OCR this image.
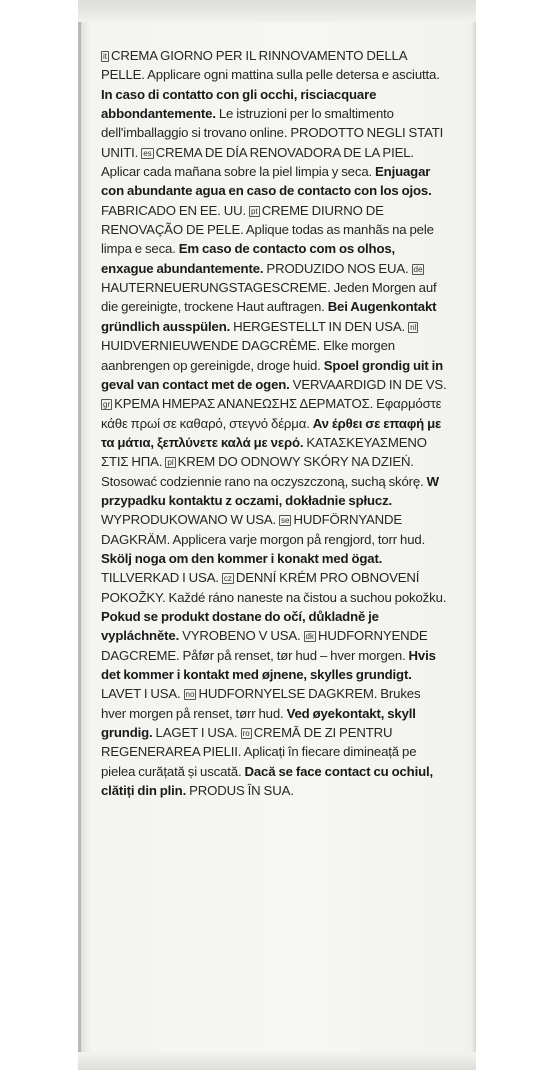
it CREMA GIORNO PER IL RINNOVAMENTO DELLA PELLE. Applicare ogni mattina sulla pelle detersa e asciutta. In caso di contatto con gli occhi, risciacquare abbondantemente. Le istruzioni per lo smaltimento dell'imballaggio si trovano online. PRODOTTO NEGLI STATI UNITI. es CREMA DE DÍA RENOVADORA DE LA PIEL. Aplicar cada mañana sobre la piel limpia y seca. Enjuagar con abundante agua en caso de contacto con los ojos. FABRICADO EN EE. UU. pt CREME DIURNO DE RENOVAÇÃO DE PELE. Aplique todas as manhãs na pele limpa e seca. Em caso de contacto com os olhos, enxague abundantemente. PRODUZIDO NOS EUA. deHAUTERNEUERUNGSTAGESCREME. Jeden Morgen auf die gereinigte, trockene Haut auftragen. Bei Augenkontakt gründlich ausspülen. HERGESTELLT IN DEN USA. nlHUIDVERNIEUWENDE DAGCRÈME. Elke morgen aanbrengen op gereinigde, droge huid. Spoel grondig uit in geval van contact met de ogen. VERVAARDIGD IN DE VS. gr ΚΡΕΜΑ ΗΜΕΡΑΣ ΑΝΑΝΕΩΣΗΣ ΔΕΡΜΑΤΟΣ. Εφαρμόστε κάθε πρωί σε καθαρό, στεγνό δέρμα. Αν έρθει σε επαφή με τα μάτια, ξεπλύνετε καλά με νερό. ΚΑΤΑΣΚΕΥΑΣΜΕΝΟ ΣΤΙΣ ΗΠΑ. pl KREM DO ODNOWY SKÓRY NA DZIEŃ. Stosować codziennie rano na oczyszczoną, suchą skórę. W przypadku kontaktu z oczami, dokładnie spłucz. WYPRODUKOWANO W USA. se HUDFÖRNYANDE DAGKRÄM. Applicera varje morgon på rengjord, torr hud. Skölj noga om den kommer i konakt med ögat. TILLVERKAD I USA. cz DENNÍ KRÉM PRO OBNOVENÍ POKOŽKY. Každé ráno naneste na čistou a suchou pokožku. Pokud se produkt dostane do očí, důkladně je vypláchněte. VYROBENO V USA. dk HUDFORNYENDE DAGCREME. Påfør på renset, tør hud – hver morgen. Hvis det kommer i kontakt med øjnene, skylles grundigt. LAVET I USA. no HUDFORNYELSE DAGKREM. Brukes hver morgen på renset, tørr hud. Ved øyekontakt, skyll grundig. LAGET I USA. ro CREMĂ DE ZI PENTRU REGENERAREA PIELII. Aplicați în fiecare dimineață pe pielea curățată și uscată. Dacă se face contact cu ochiul, clătiți din plin. PRODUS ÎN SUA.
